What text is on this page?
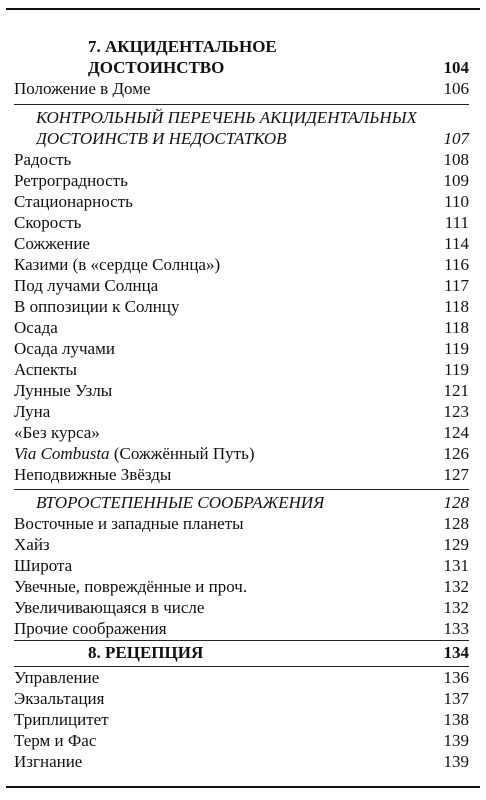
7. АКЦИДЕНТАЛЬНОЕ
ДОСТОИНСТВО	104
Положение в Доме	106
КОНТРОЛЬНЫЙ ПЕРЕЧЕНЬ АКЦИДЕНТАЛЬНЫХ
ДОСТОИНСТВ И НЕДОСТАТКОВ	107
Радость	108
Ретроградность	109
Стационарность	110
Скорость	111
Сожжение	114
Казими (в «сердце Солнца»)	116
Под лучами Солнца	117
В оппозиции к Солнцу	118
Осада	118
Осада лучами	119
Аспекты	119
Лунные Узлы	121
Луна	123
«Без курса»	124
Via Combusta (Сожжённый Путь)	126
Неподвижные Звёзды	127
ВТОРОСТЕПЕННЫЕ СООБРАЖЕНИЯ	128
Восточные и западные планеты	128
Хайз	129
Широта	131
Увечные, повреждённые и проч.	132
Увеличивающаяся в числе	132
Прочие соображения	133
8. РЕЦЕПЦИЯ	134
Управление	136
Экзальтация	137
Триплицитет	138
Терм и Фас	139
Изгнание	139
